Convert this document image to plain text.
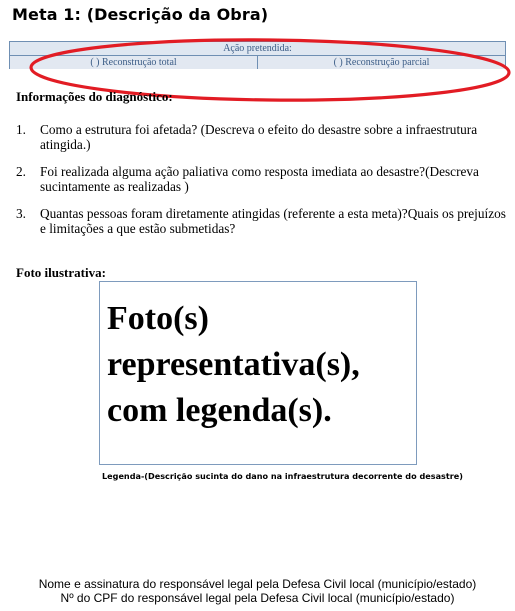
Meta 1: (Descrição da Obra)
Ação pretendida:
( ) Reconstrução total	( ) Reconstrução parcial
Informações do diagnóstico:
1. Como a estrutura foi afetada? (Descreva o efeito do desastre sobre a infraestrutura atingida.)
2. Foi realizada alguma ação paliativa como resposta imediata ao desastre?(Descreva sucintamente as realizadas )
3. Quantas pessoas foram diretamente atingidas (referente a esta meta)?Quais os prejuízos e limitações a que estão submetidas?
Foto ilustrativa:
Foto(s)
representativa(s),
com legenda(s).
Legenda-(Descrição sucinta do dano na infraestrutura decorrente do desastre)
Nome e assinatura do responsável legal pela Defesa Civil local (município/estado)
Nº do CPF do responsável legal pela Defesa Civil local (município/estado)
